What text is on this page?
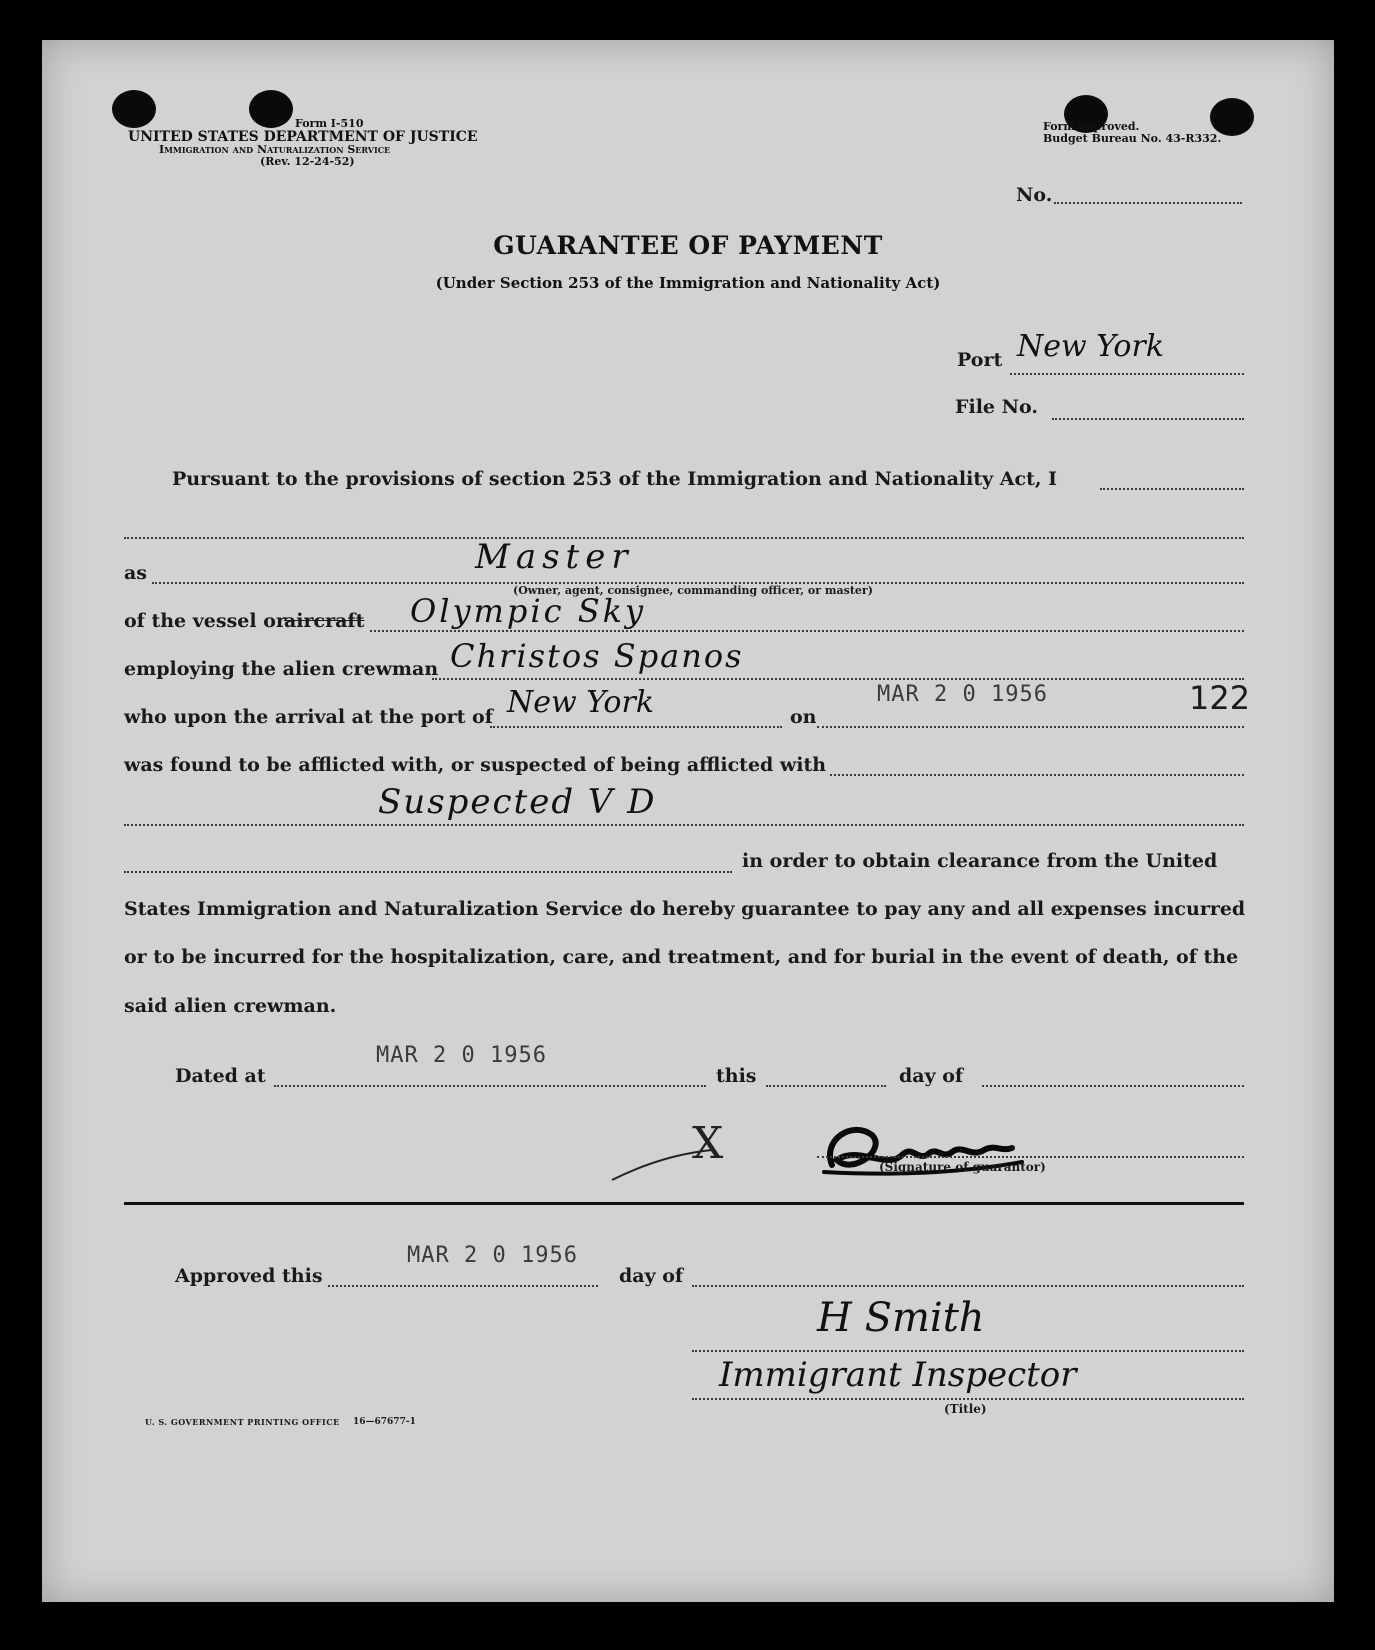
Form I-510
UNITED STATES DEPARTMENT OF JUSTICE
Immigration and Naturalization Service
(Rev. 12-24-52)
Form approved.
Budget Bureau No. 43-R332.
No.
GUARANTEE OF PAYMENT
(Under Section 253 of the Immigration and Nationality Act)
Port New York
File No.
Pursuant to the provisions of section 253 of the Immigration and Nationality Act, I
as	Master
(Owner, agent, consignee, commanding officer, or master)
of the vessel or
aircraft Olympic Sky
employing the alien crewman Christos Spanos
who upon the arrival at the port of New York	on
MAR 2 0 1956	122
was found to be afflicted with, or suspected of being afflicted with
Suspected V D
in order to obtain clearance from the United
States Immigration and Naturalization Service do hereby guarantee to pay any and all expenses incurred
or to be incurred for the hospitalization, care, and treatment, and for burial in the event of death, of the
said alien crewman.
Dated at
MAR 2 0 1956
this	day of
X	(Signature of guarantor)
Approved this
MAR 2 0 1956
day of
H Smith
Immigrant Inspector
(Title)
U. S. GOVERNMENT PRINTING OFFICE 16—67677-1
